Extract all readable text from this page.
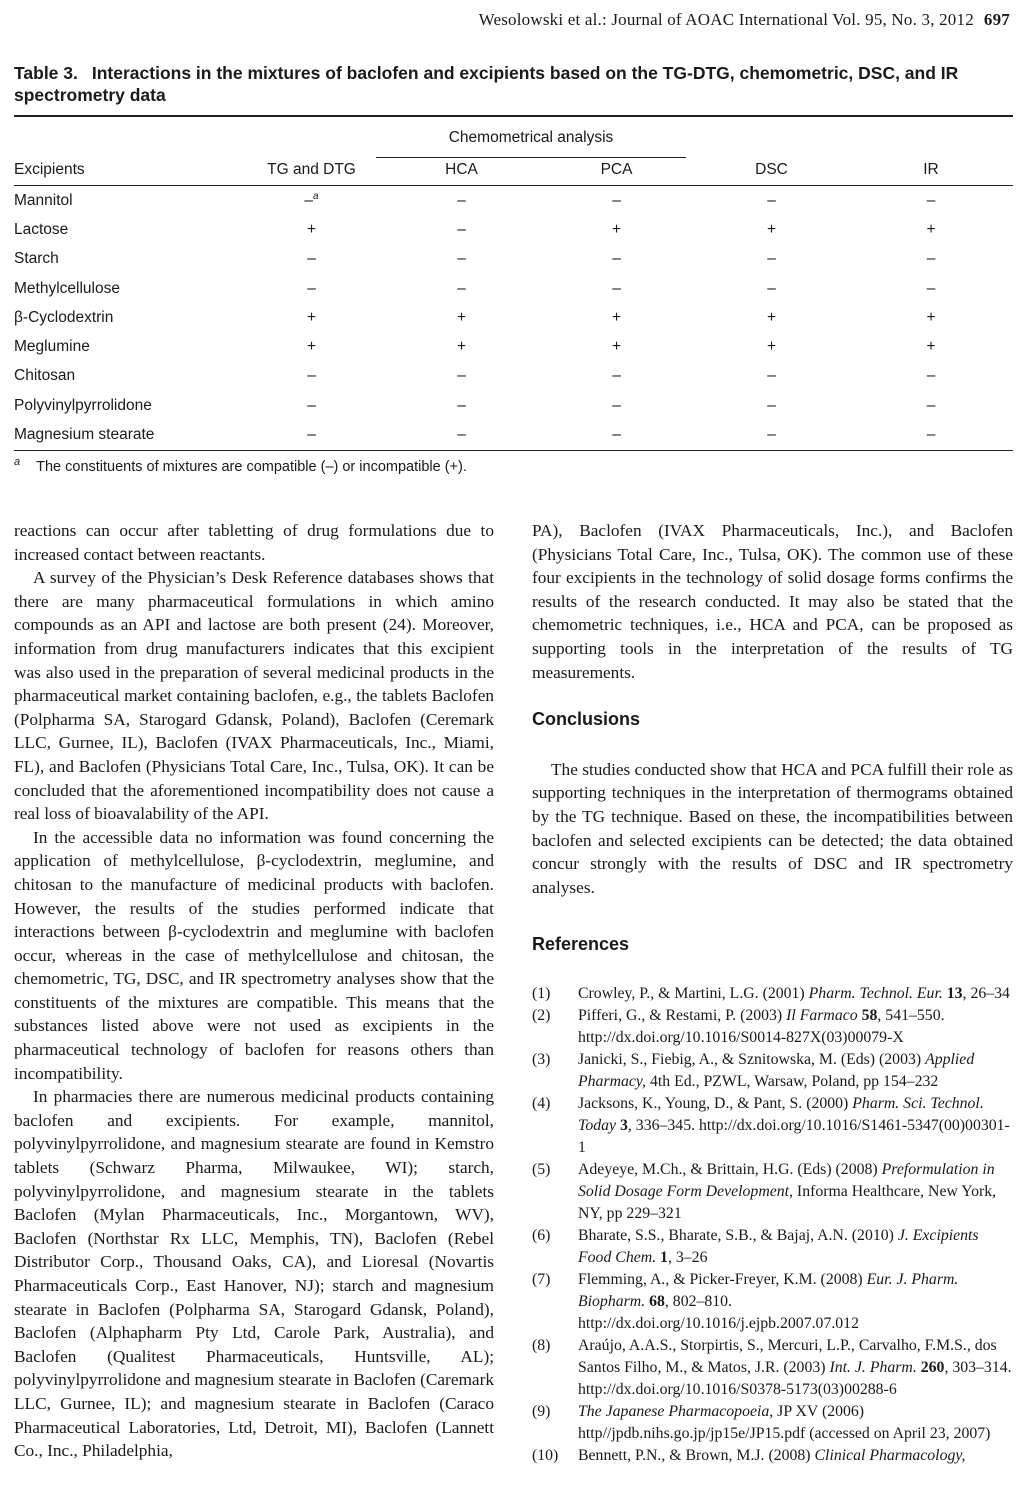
Wesolowski et al.: Journal of AOAC International Vol. 95, No. 3, 2012 697
Table 3. Interactions in the mixtures of baclofen and excipients based on the TG-DTG, chemometric, DSC, and IR spectrometry data
Chemometrical analysis
Excipients	TG and DTG	HCA	PCA	DSC	IR
Mannitol	–$^a$	–	–	–	–
Lactose	+	–	+	+	+
Starch	–	–	–	–	–
Methylcellulose	–	–	–	–	–
β-Cyclodextrin	+	+	+	+	+
Meglumine	+	+	+	+	+
Chitosan	–	–	–	–	–
Polyvinylpyrrolidone	–	–	–	–	–
Magnesium stearate	–	–	–	–	–
$^a$ The constituents of mixtures are compatible (–) or incompatible (+).

reactions can occur after tabletting of drug formulations due to increased contact between reactants.

A survey of the Physician’s Desk Reference databases shows that there are many pharmaceutical formulations in which amino compounds as an API and lactose are both present (24). Moreover, information from drug manufacturers indicates that this excipient was also used in the preparation of several medicinal products in the pharmaceutical market containing baclofen, e.g., the tablets Baclofen (Polpharma SA, Starogard Gdansk, Poland), Baclofen (Ceremark LLC, Gurnee, IL), Baclofen (IVAX Pharmaceuticals, Inc., Miami, FL), and Baclofen (Physicians Total Care, Inc., Tulsa, OK). It can be concluded that the aforementioned incompatibility does not cause a real loss of bioavalability of the API.

In the accessible data no information was found concerning the application of methylcellulose, β-cyclodextrin, meglumine, and chitosan to the manufacture of medicinal products with baclofen. However, the results of the studies performed indicate that interactions between β-cyclodextrin and meglumine with baclofen occur, whereas in the case of methylcellulose and chitosan, the chemometric, TG, DSC, and IR spectrometry analyses show that the constituents of the mixtures are compatible. This means that the substances listed above were not used as excipients in the pharmaceutical technology of baclofen for reasons others than incompatibility.

In pharmacies there are numerous medicinal products containing baclofen and excipients. For example, mannitol, polyvinylpyrrolidone, and magnesium stearate are found in Kemstro tablets (Schwarz Pharma, Milwaukee, WI); starch, polyvinylpyrrolidone, and magnesium stearate in the tablets Baclofen (Mylan Pharmaceuticals, Inc., Morgantown, WV), Baclofen (Northstar Rx LLC, Memphis, TN), Baclofen (Rebel Distributor Corp., Thousand Oaks, CA), and Lioresal (Novartis Pharmaceuticals Corp., East Hanover, NJ); starch and magnesium stearate in Baclofen (Polpharma SA, Starogard Gdansk, Poland), Baclofen (Alphapharm Pty Ltd, Carole Park, Australia), and Baclofen (Qualitest Pharmaceuticals, Huntsville, AL); polyvinylpyrrolidone and magnesium stearate in Baclofen (Caremark LLC, Gurnee, IL); and magnesium stearate in Baclofen (Caraco Pharmaceutical Laboratories, Ltd, Detroit, MI), Baclofen (Lannett Co., Inc., Philadelphia,

PA), Baclofen (IVAX Pharmaceuticals, Inc.), and Baclofen (Physicians Total Care, Inc., Tulsa, OK). The common use of these four excipients in the technology of solid dosage forms confirms the results of the research conducted. It may also be stated that the chemometric techniques, i.e., HCA and PCA, can be proposed as supporting tools in the interpretation of the results of TG measurements.

Conclusions

The studies conducted show that HCA and PCA fulfill their role as supporting techniques in the interpretation of thermograms obtained by the TG technique. Based on these, the incompatibilities between baclofen and selected excipients can be detected; the data obtained concur strongly with the results of DSC and IR spectrometry analyses.

References
(1)	Crowley, P., & Martini, L.G. (2001) Pharm. Technol. Eur. 13, 26–34
(2)	Pifferi, G., & Restami, P. (2003) Il Farmaco 58, 541–550. http://dx.doi.org/10.1016/S0014-827X(03)00079-X
(3)	Janicki, S., Fiebig, A., & Sznitowska, M. (Eds) (2003) Applied Pharmacy, 4th Ed., PZWL, Warsaw, Poland, pp 154–232
(4)	Jacksons, K., Young, D., & Pant, S. (2000) Pharm. Sci. Technol. Today 3, 336–345. http://dx.doi.org/10.1016/S1461-5347(00)00301-1
(5)	Adeyeye, M.Ch., & Brittain, H.G. (Eds) (2008) Preformulation in Solid Dosage Form Development, Informa Healthcare, New York, NY, pp 229–321
(6)	Bharate, S.S., Bharate, S.B., & Bajaj, A.N. (2010) J. Excipients Food Chem. 1, 3–26
(7)	Flemming, A., & Picker-Freyer, K.M. (2008) Eur. J. Pharm. Biopharm. 68, 802–810. http://dx.doi.org/10.1016/j.ejpb.2007.07.012
(8)	Araújo, A.A.S., Storpirtis, S., Mercuri, L.P., Carvalho, F.M.S., dos Santos Filho, M., & Matos, J.R. (2003) Int. J. Pharm. 260, 303–314. http://dx.doi.org/10.1016/S0378-5173(03)00288-6
(9)	The Japanese Pharmacopoeia, JP XV (2006) http//jpdb.nihs.go.jp/jp15e/JP15.pdf (accessed on April 23, 2007)
(10)	Bennett, P.N., & Brown, M.J. (2008) Clinical Pharmacology,
